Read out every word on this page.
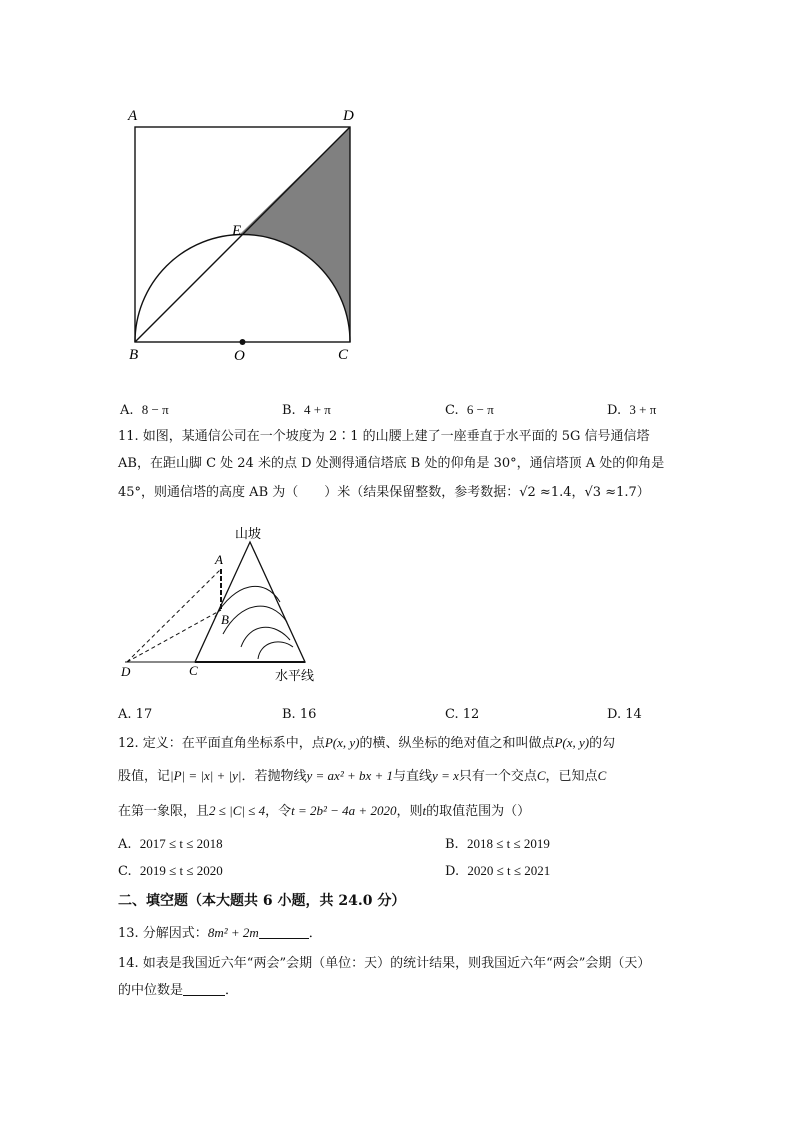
A	D
E
B	O	C
A. 8 − π	B. 4 + π	C. 6 − π	D. 3 + π
11. 如图，某通信公司在一个坡度为 2∶1 的山腰上建了一座垂直于水平面的 5G 信号通信塔
AB，在距山脚 C 处 24 米的点 D 处测得通信塔底 B 处的仰角是 30°，通信塔顶 A 处的仰角是
45°，则通信塔的高度 AB 为（　　）米（结果保留整数，参考数据：√2 ≈1.4，√3 ≈1.7）
山坡
A
B
D	C	水平线
A. 17	B. 16	C. 12	D. 14
12. 定义：在平面直角坐标系中，点P(x, y)的横、纵坐标的绝对值之和叫做点P(x, y)的勾
股值，记|P| = |x| + |y|．若抛物线y = ax² + bx + 1与直线y = x只有一个交点C，已知点C
在第一象限，且2 ≤ |C| ≤ 4，令t = 2b² − 4a + 2020，则t的取值范围为（）
A. 2017 ≤ t ≤ 2018	B. 2018 ≤ t ≤ 2019
C. 2019 ≤ t ≤ 2020	D. 2020 ≤ t ≤ 2021
二、填空题（本大题共 6 小题，共 24.0 分）
13. 分解因式：8m² + 2m	．
14. 如表是我国近六年“两会”会期（单位：天）的统计结果，则我国近六年“两会”会期（天）
的中位数是	．
